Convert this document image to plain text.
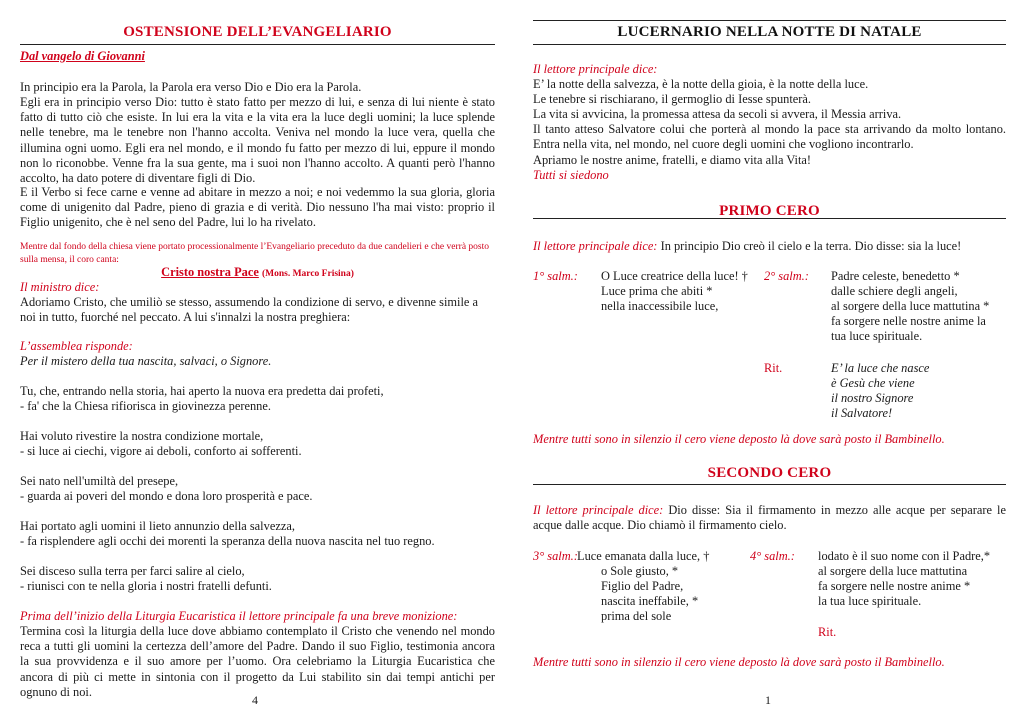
OSTENSIONE DELL’EVANGELIARIO
Dal vangelo di Giovanni

In principio era la Parola, la Parola era verso Dio e Dio era la Parola.

Egli era in principio verso Dio: tutto è stato fatto per mezzo di lui, e senza di lui niente è stato fatto di tutto ciò che esiste. In lui era la vita e la vita era la luce degli uomini; la luce splende nelle tenebre, ma le tenebre non l'hanno accolta. Veniva nel mondo la luce vera, quella che illumina ogni uomo. Egli era nel mondo, e il mondo fu fatto per mezzo di lui, eppure il mondo non lo riconobbe. Venne fra la sua gente, ma i suoi non l'hanno accolto. A quanti però l'hanno accolto, ha dato potere di diventare figli di Dio.

E il Verbo si fece carne e venne ad abitare in mezzo a noi; e noi vedemmo la sua gloria, gloria come di unigenito dal Padre, pieno di grazia e di verità. Dio nessuno l'ha mai visto: proprio il Figlio unigenito, che è nel seno del Padre, lui lo ha rivelato.

Mentre dal fondo della chiesa viene portato processionalmente l’Evangeliario preceduto da due candelieri e che verrà posto sulla mensa, il coro canta:

Cristo nostra Pace (Mons. Marco Frisina)
Il ministro dice:

Adoriamo Cristo, che umiliò se stesso, assumendo la condizione di servo, e divenne simile a noi in tutto, fuorché nel peccato. A lui s'innalzi la nostra preghiera:

L’assemblea risponde:
Per il mistero della tua nascita, salvaci, o Signore.
Tu, che, entrando nella storia, hai aperto la nuova era predetta dai profeti,
- fa' che la Chiesa rifiorisca in giovinezza perenne.
Hai voluto rivestire la nostra condizione mortale,
- si luce ai ciechi, vigore ai deboli, conforto ai sofferenti.
Sei nato nell'umiltà del presepe,
- guarda ai poveri del mondo e dona loro prosperità e pace.
Hai portato agli uomini il lieto annunzio della salvezza,
- fa risplendere agli occhi dei morenti la speranza della nuova nascita nel tuo regno.
Sei disceso sulla terra per farci salire al cielo,
- riunisci con te nella gloria i nostri fratelli defunti.
Prima dell’inizio della Liturgia Eucaristica il lettore principale fa una breve monizione:

Termina così la liturgia della luce dove abbiamo contemplato il Cristo che venendo nel mondo reca a tutti gli uomini la certezza dell’amore del Padre. Dando il suo Figlio, testimonia ancora la sua provvidenza e il suo amore per l’uomo. Ora celebriamo la Liturgia Eucaristica che ancora di più ci mette in sintonia con il progetto da Lui stabilito sin dai tempi antichi per ognuno di noi.

4
LUCERNARIO NELLA NOTTE DI NATALE
Il lettore principale dice:
E’ la notte della salvezza, è la notte della gioia, è la notte della luce.
Le tenebre si rischiarano, il germoglio di Iesse spunterà.
La vita si avvicina, la promessa attesa da secoli si avvera, il Messia arriva.

Il tanto atteso Salvatore colui che porterà al mondo la pace sta arrivando da molto lontano. Entra nella vita, nel mondo, nel cuore degli uomini che vogliono incontrarlo.

Apriamo le nostre anime, fratelli, e diamo vita alla Vita!
Tutti si siedono
PRIMO CERO
Il lettore principale dice: In principio Dio creò il cielo e la terra. Dio disse: sia la luce!
1° salm.: O Luce creatrice della luce! †
Luce prima che abiti *
nella inaccessibile luce,
2° salm.: Padre celeste, benedetto *
dalle schiere degli angeli,
al sorgere della luce mattutina *
fa sorgere nelle nostre anime la
tua luce spirituale.
Rit.	E’ la luce che nasce
è Gesù che viene
il nostro Signore
il Salvatore!
Mentre tutti sono in silenzio il cero viene deposto là dove sarà posto il Bambinello.
SECONDO CERO

Il lettore principale dice: Dio disse: Sia il firmamento in mezzo alle acque per separare le acque dalle acque. Dio chiamò il firmamento cielo.

3° salm.: Luce emanata dalla luce, †
o Sole giusto, *
Figlio del Padre,
nascita ineffabile, *
prima del sole
4° salm.: lodato è il suo nome con il Padre,*
al sorgere della luce mattutina
fa sorgere nelle nostre anime *
la tua luce spirituale.
Rit.
Mentre tutti sono in silenzio il cero viene deposto là dove sarà posto il Bambinello.
1
